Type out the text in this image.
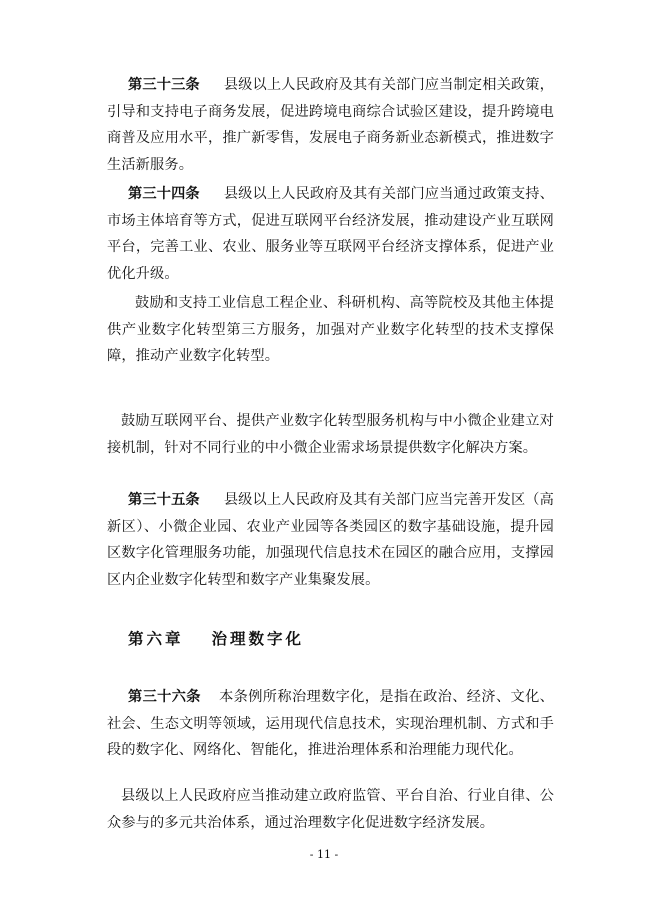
第三十三条 县级以上人民政府及其有关部门应当制定相关政策，引导和支持电子商务发展，促进跨境电商综合试验区建设，提升跨境电商普及应用水平，推广新零售，发展电子商务新业态新模式，推进数字生活新服务。

第三十四条 县级以上人民政府及其有关部门应当通过政策支持、市场主体培育等方式，促进互联网平台经济发展，推动建设产业互联网平台，完善工业、农业、服务业等互联网平台经济支撑体系，促进产业优化升级。

鼓励和支持工业信息工程企业、科研机构、高等院校及其他主体提供产业数字化转型第三方服务，加强对产业数字化转型的技术支撑保障，推动产业数字化转型。

鼓励互联网平台、提供产业数字化转型服务机构与中小微企业建立对接机制，针对不同行业的中小微企业需求场景提供数字化解决方案。

第三十五条 县级以上人民政府及其有关部门应当完善开发区（高新区）、小微企业园、农业产业园等各类园区的数字基础设施，提升园区数字化管理服务功能，加强现代信息技术在园区的融合应用，支撑园区内企业数字化转型和数字产业集聚发展。

第六章 治理数字化

第三十六条 本条例所称治理数字化，是指在政治、经济、文化、社会、生态文明等领域，运用现代信息技术，实现治理机制、方式和手段的数字化、网络化、智能化，推进治理体系和治理能力现代化。

县级以上人民政府应当推动建立政府监管、平台自治、行业自律、公众参与的多元共治体系，通过治理数字化促进数字经济发展。

- 11 -
